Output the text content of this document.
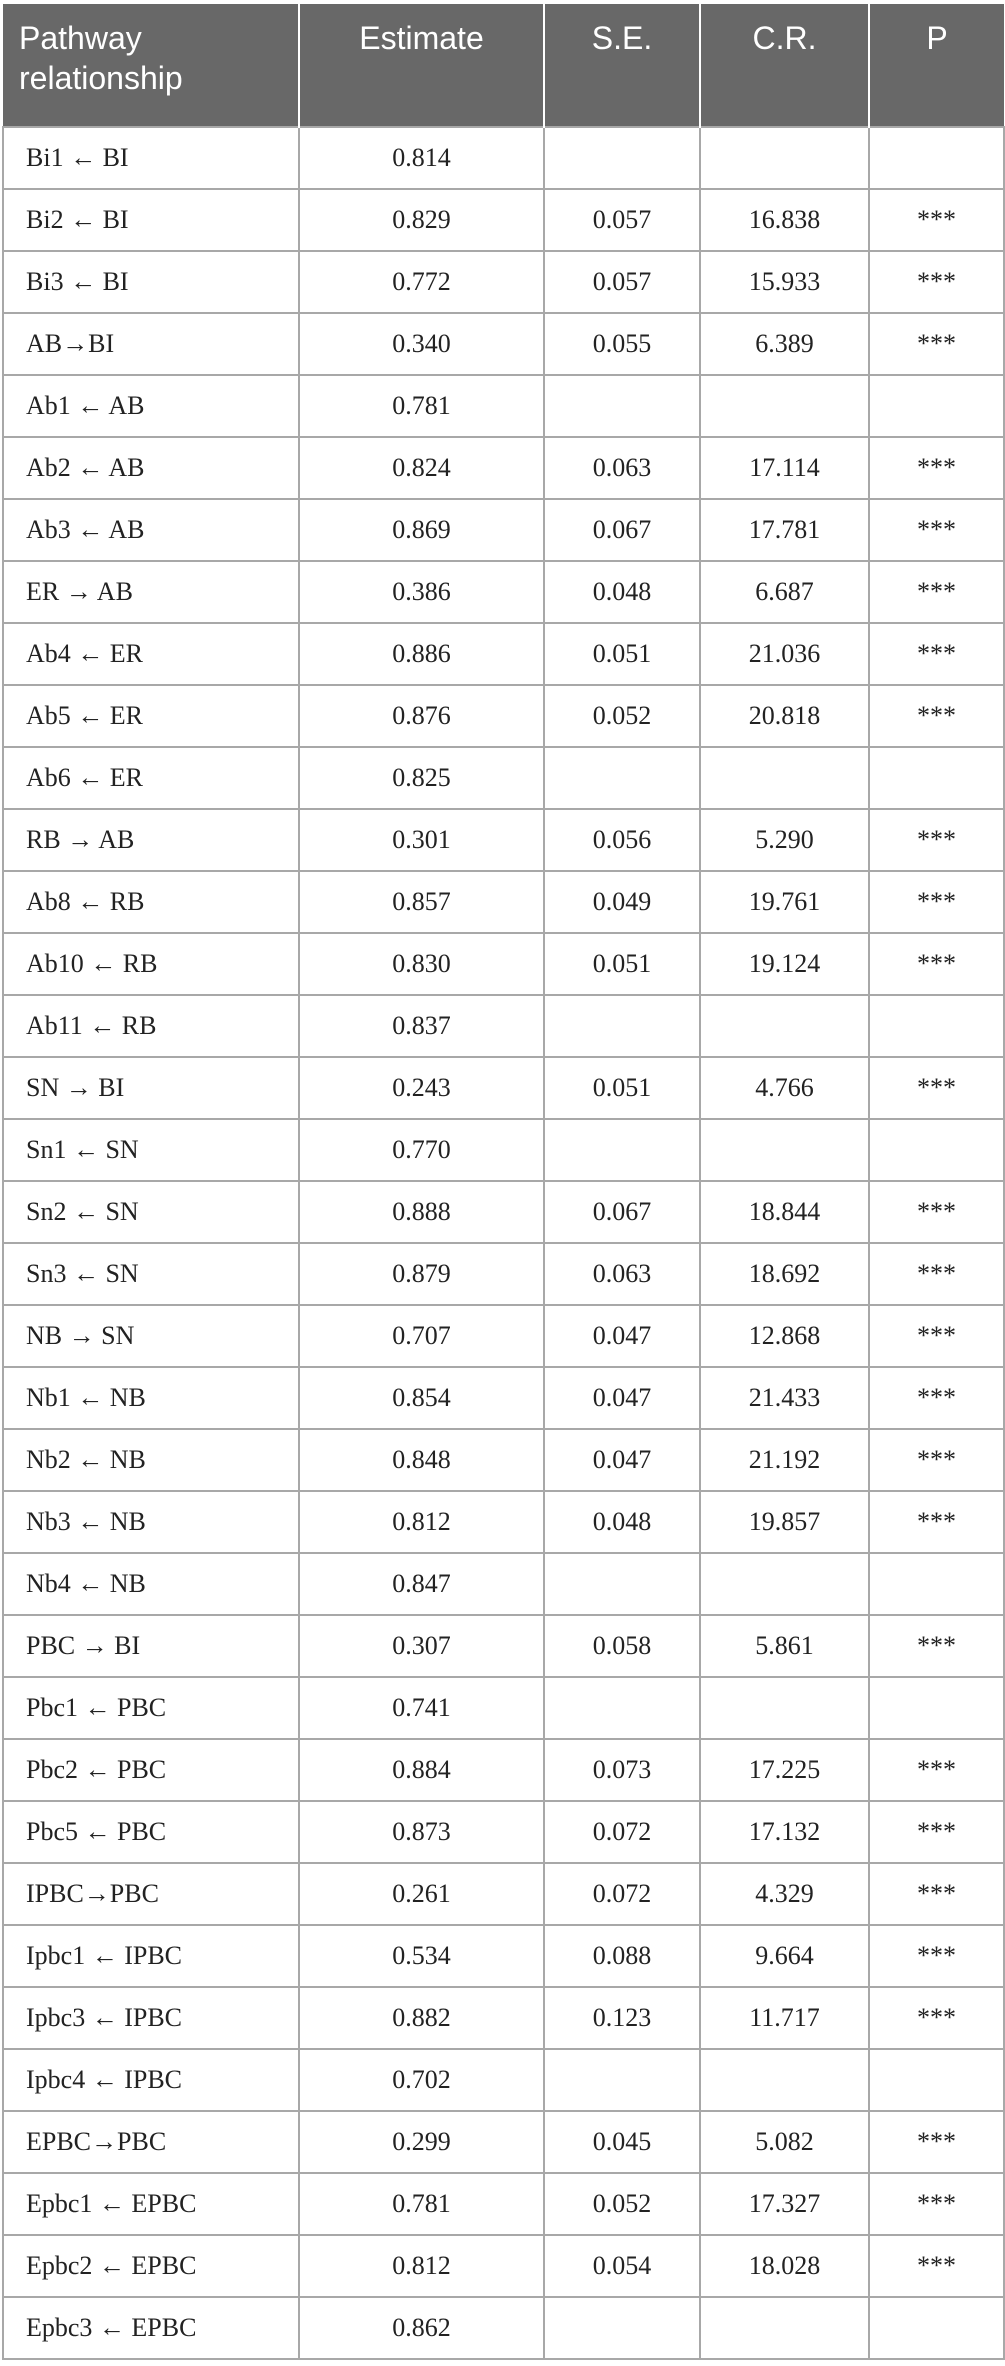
Pathway relationship	Estimate	S.E.	C.R.	P
Bi1 ← BI	0.814			
Bi2 ← BI	0.829	0.057	16.838	***
Bi3 ← BI	0.772	0.057	15.933	***
AB→BI	0.340	0.055	6.389	***
Ab1 ← AB	0.781			
Ab2 ← AB	0.824	0.063	17.114	***
Ab3 ← AB	0.869	0.067	17.781	***
ER → AB	0.386	0.048	6.687	***
Ab4 ← ER	0.886	0.051	21.036	***
Ab5 ← ER	0.876	0.052	20.818	***
Ab6 ← ER	0.825			
RB → AB	0.301	0.056	5.290	***
Ab8 ← RB	0.857	0.049	19.761	***
Ab10 ← RB	0.830	0.051	19.124	***
Ab11 ← RB	0.837			
SN → BI	0.243	0.051	4.766	***
Sn1 ← SN	0.770			
Sn2 ← SN	0.888	0.067	18.844	***
Sn3 ← SN	0.879	0.063	18.692	***
NB → SN	0.707	0.047	12.868	***
Nb1 ← NB	0.854	0.047	21.433	***
Nb2 ← NB	0.848	0.047	21.192	***
Nb3 ← NB	0.812	0.048	19.857	***
Nb4 ← NB	0.847			
PBC → BI	0.307	0.058	5.861	***
Pbc1 ← PBC	0.741			
Pbc2 ← PBC	0.884	0.073	17.225	***
Pbc5 ← PBC	0.873	0.072	17.132	***
IPBC→PBC	0.261	0.072	4.329	***
Ipbc1 ← IPBC	0.534	0.088	9.664	***
Ipbc3 ← IPBC	0.882	0.123	11.717	***
Ipbc4 ← IPBC	0.702			
EPBC→PBC	0.299	0.045	5.082	***
Epbc1 ← EPBC	0.781	0.052	17.327	***
Epbc2 ← EPBC	0.812	0.054	18.028	***
Epbc3 ← EPBC	0.862			
